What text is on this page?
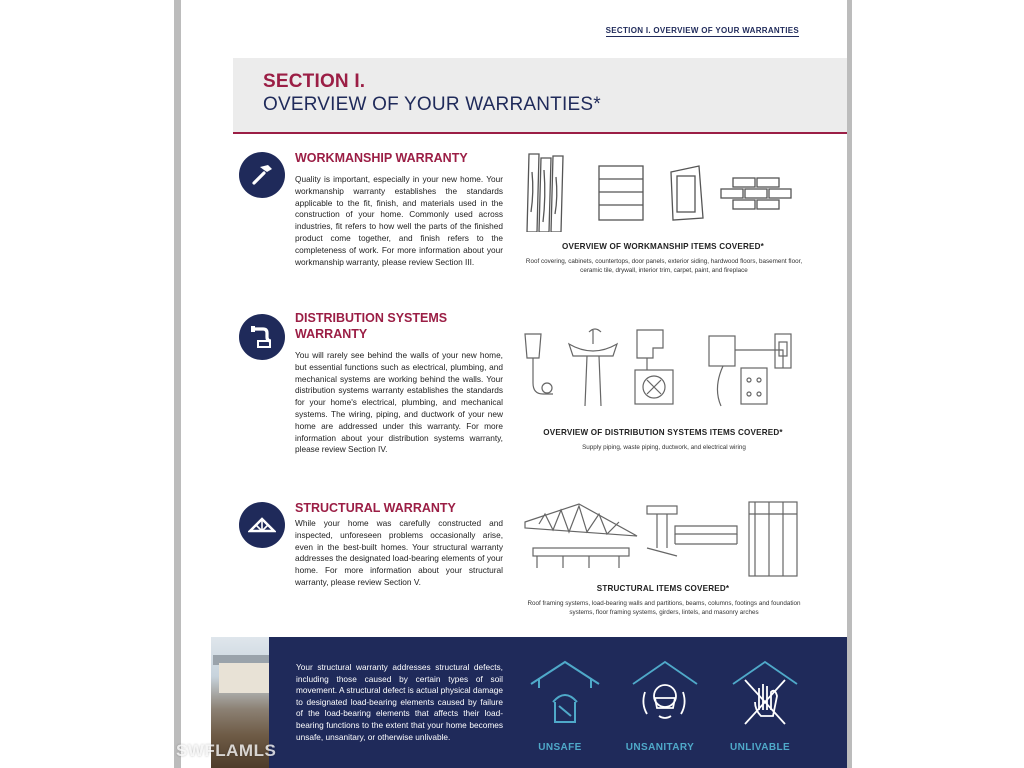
SECTION I. OVERVIEW OF YOUR WARRANTIES
SECTION I.
OVERVIEW OF YOUR WARRANTIES*
WORKMANSHIP WARRANTY
Quality is important, especially in your new home. Your workmanship warranty establishes the standards applicable to the fit, finish, and materials used in the construction of your home. Commonly used across industries, fit refers to how well the parts of the finished product come together, and finish refers to the completeness of work. For more information about your workmanship warranty, please review Section III.
OVERVIEW OF WORKMANSHIP ITEMS COVERED*
Roof covering, cabinets, countertops, door panels, exterior siding, hardwood floors, basement floor, ceramic tile, drywall, interior trim, carpet, paint, and fireplace
DISTRIBUTION SYSTEMS WARRANTY
You will rarely see behind the walls of your new home, but essential functions such as electrical, plumbing, and mechanical systems are working behind the walls. Your distribution systems warranty establishes the standards for your home's electrical, plumbing, and mechanical systems. The wiring, piping, and ductwork of your new home are addressed under this warranty. For more information about your distribution systems warranty, please review Section IV.
OVERVIEW OF DISTRIBUTION SYSTEMS ITEMS COVERED*
Supply piping, waste piping, ductwork, and electrical wiring
STRUCTURAL WARRANTY
While your home was carefully constructed and inspected, unforeseen problems occasionally arise, even in the best-built homes. Your structural warranty addresses the designated load-bearing elements of your home. For more information about your structural warranty, please review Section V.
STRUCTURAL ITEMS COVERED*
Roof framing systems, load-bearing walls and partitions, beams, columns, footings and foundation systems, floor framing systems, girders, lintels, and masonry arches
Your structural warranty addresses structural defects, including those caused by certain types of soil movement. A structural defect is actual physical damage to designated load-bearing elements caused by failure of the load-bearing elements that affects their load-bearing functions to the extent that your home becomes unsafe, unsanitary, or otherwise unlivable.
UNSAFE	UNSANITARY	UNLIVABLE
SWFLAMLS
